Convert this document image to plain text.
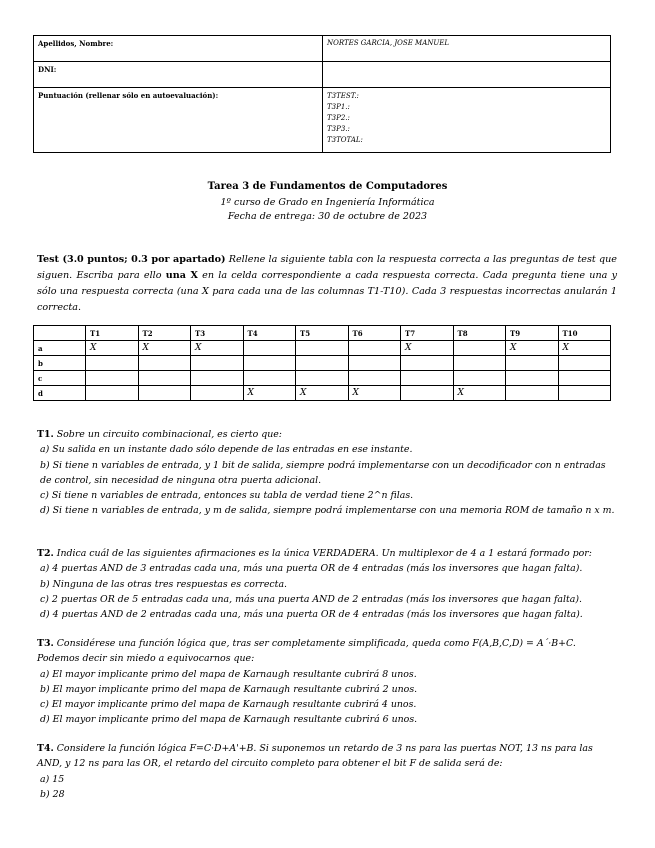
Apellidos, Nombre:	NORTES GARCIA, JOSE MANUEL
DNI:	
Puntuación (rellenar sólo en autoevaluación):	T3TEST.:
T3P1.:
T3P2.:
T3P3.:
T3TOTAL:
Tarea 3 de Fundamentos de Computadores
1º curso de Grado en Ingeniería Informática
Fecha de entrega: 30 de octubre de 2023
Test (3.0 puntos; 0.3 por apartado) Rellene la siguiente tabla con la respuesta correcta a las preguntas de test que siguen. Escriba para ello una X en la celda correspondiente a cada respuesta correcta. Cada pregunta tiene una y sólo una respuesta correcta (una X para cada una de las columnas T1-T10). Cada 3 respuestas incorrectas anularán 1 correcta.
	T1	T2	T3	T4	T5	T6	T7	T8	T9	T10
a	X	X	X				X		X	X
b										
c										
d				X	X	X		X		

T1. Sobre un circuito combinacional, es cierto que:

a) Su salida en un instante dado sólo depende de las entradas en ese instante.

b) Si tiene n variables de entrada, y 1 bit de salida, siempre podrá implementarse con un decodificador con n entradas de control, sin necesidad de ninguna otra puerta adicional.

c) Si tiene n variables de entrada, entonces su tabla de verdad tiene 2^n filas.

d) Si tiene n variables de entrada, y m de salida, siempre podrá implementarse con una memoria ROM de tamaño n x m.

T2. Indica cuál de las siguientes afirmaciones es la única VERDADERA. Un multiplexor de 4 a 1 estará formado por:

a) 4 puertas AND de 3 entradas cada una, más una puerta OR de 4 entradas (más los inversores que hagan falta).

b) Ninguna de las otras tres respuestas es correcta.

c) 2 puertas OR de 5 entradas cada una, más una puerta AND de 2 entradas (más los inversores que hagan falta).

d) 4 puertas AND de 2 entradas cada una, más una puerta OR de 4 entradas (más los inversores que hagan falta).

T3. Considérese una función lógica que, tras ser completamente simplificada, queda como F(A,B,C,D) = A´·B+C. Podemos decir sin miedo a equivocarnos que:

a) El mayor implicante primo del mapa de Karnaugh resultante cubrirá 8 unos.

b) El mayor implicante primo del mapa de Karnaugh resultante cubrirá 2 unos.

c) El mayor implicante primo del mapa de Karnaugh resultante cubrirá 4 unos.

d) El mayor implicante primo del mapa de Karnaugh resultante cubrirá 6 unos.

T4. Considere la función lógica F=C·D+A'+B. Si suponemos un retardo de 3 ns para las puertas NOT, 13 ns para las AND, y 12 ns para las OR, el retardo del circuito completo para obtener el bit F de salida será de:

a) 15

b) 28
